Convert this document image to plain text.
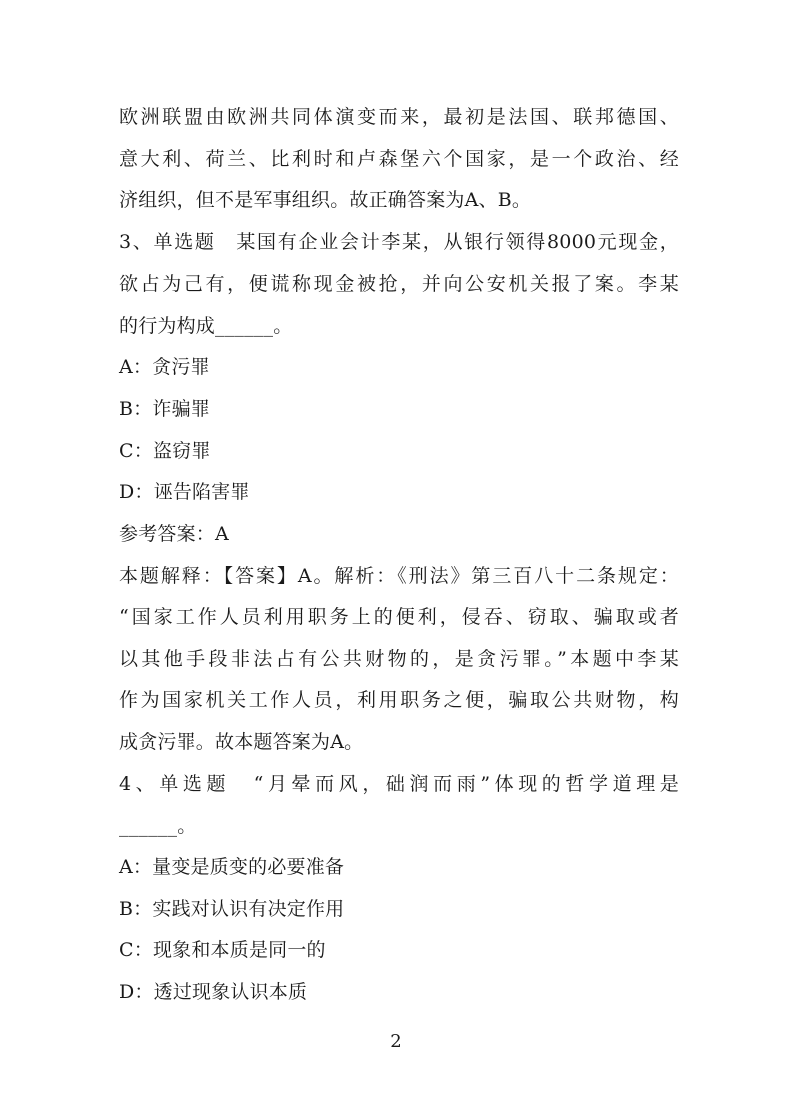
欧洲联盟由欧洲共同体演变而来，最初是法国、联邦德国、
意大利、荷兰、比利时和卢森堡六个国家，是一个政治、经
济组织，但不是军事组织。故正确答案为A、B。
3、单选题　某国有企业会计李某，从银行领得8000元现金，
欲占为己有，便谎称现金被抢，并向公安机关报了案。李某
的行为构成______。
A：贪污罪
B：诈骗罪
C：盗窃罪
D：诬告陷害罪
参考答案：A
本题解释：【答案】A。解析：《刑法》第三百八十二条规定：
“国家工作人员利用职务上的便利，侵吞、窃取、骗取或者
以其他手段非法占有公共财物的，是贪污罪。”本题中李某
作为国家机关工作人员，利用职务之便，骗取公共财物，构
成贪污罪。故本题答案为A。
4、单选题　“月晕而风，础润而雨”体现的哲学道理是
______。
A：量变是质变的必要准备
B：实践对认识有决定作用
C：现象和本质是同一的
D：透过现象认识本质
2
